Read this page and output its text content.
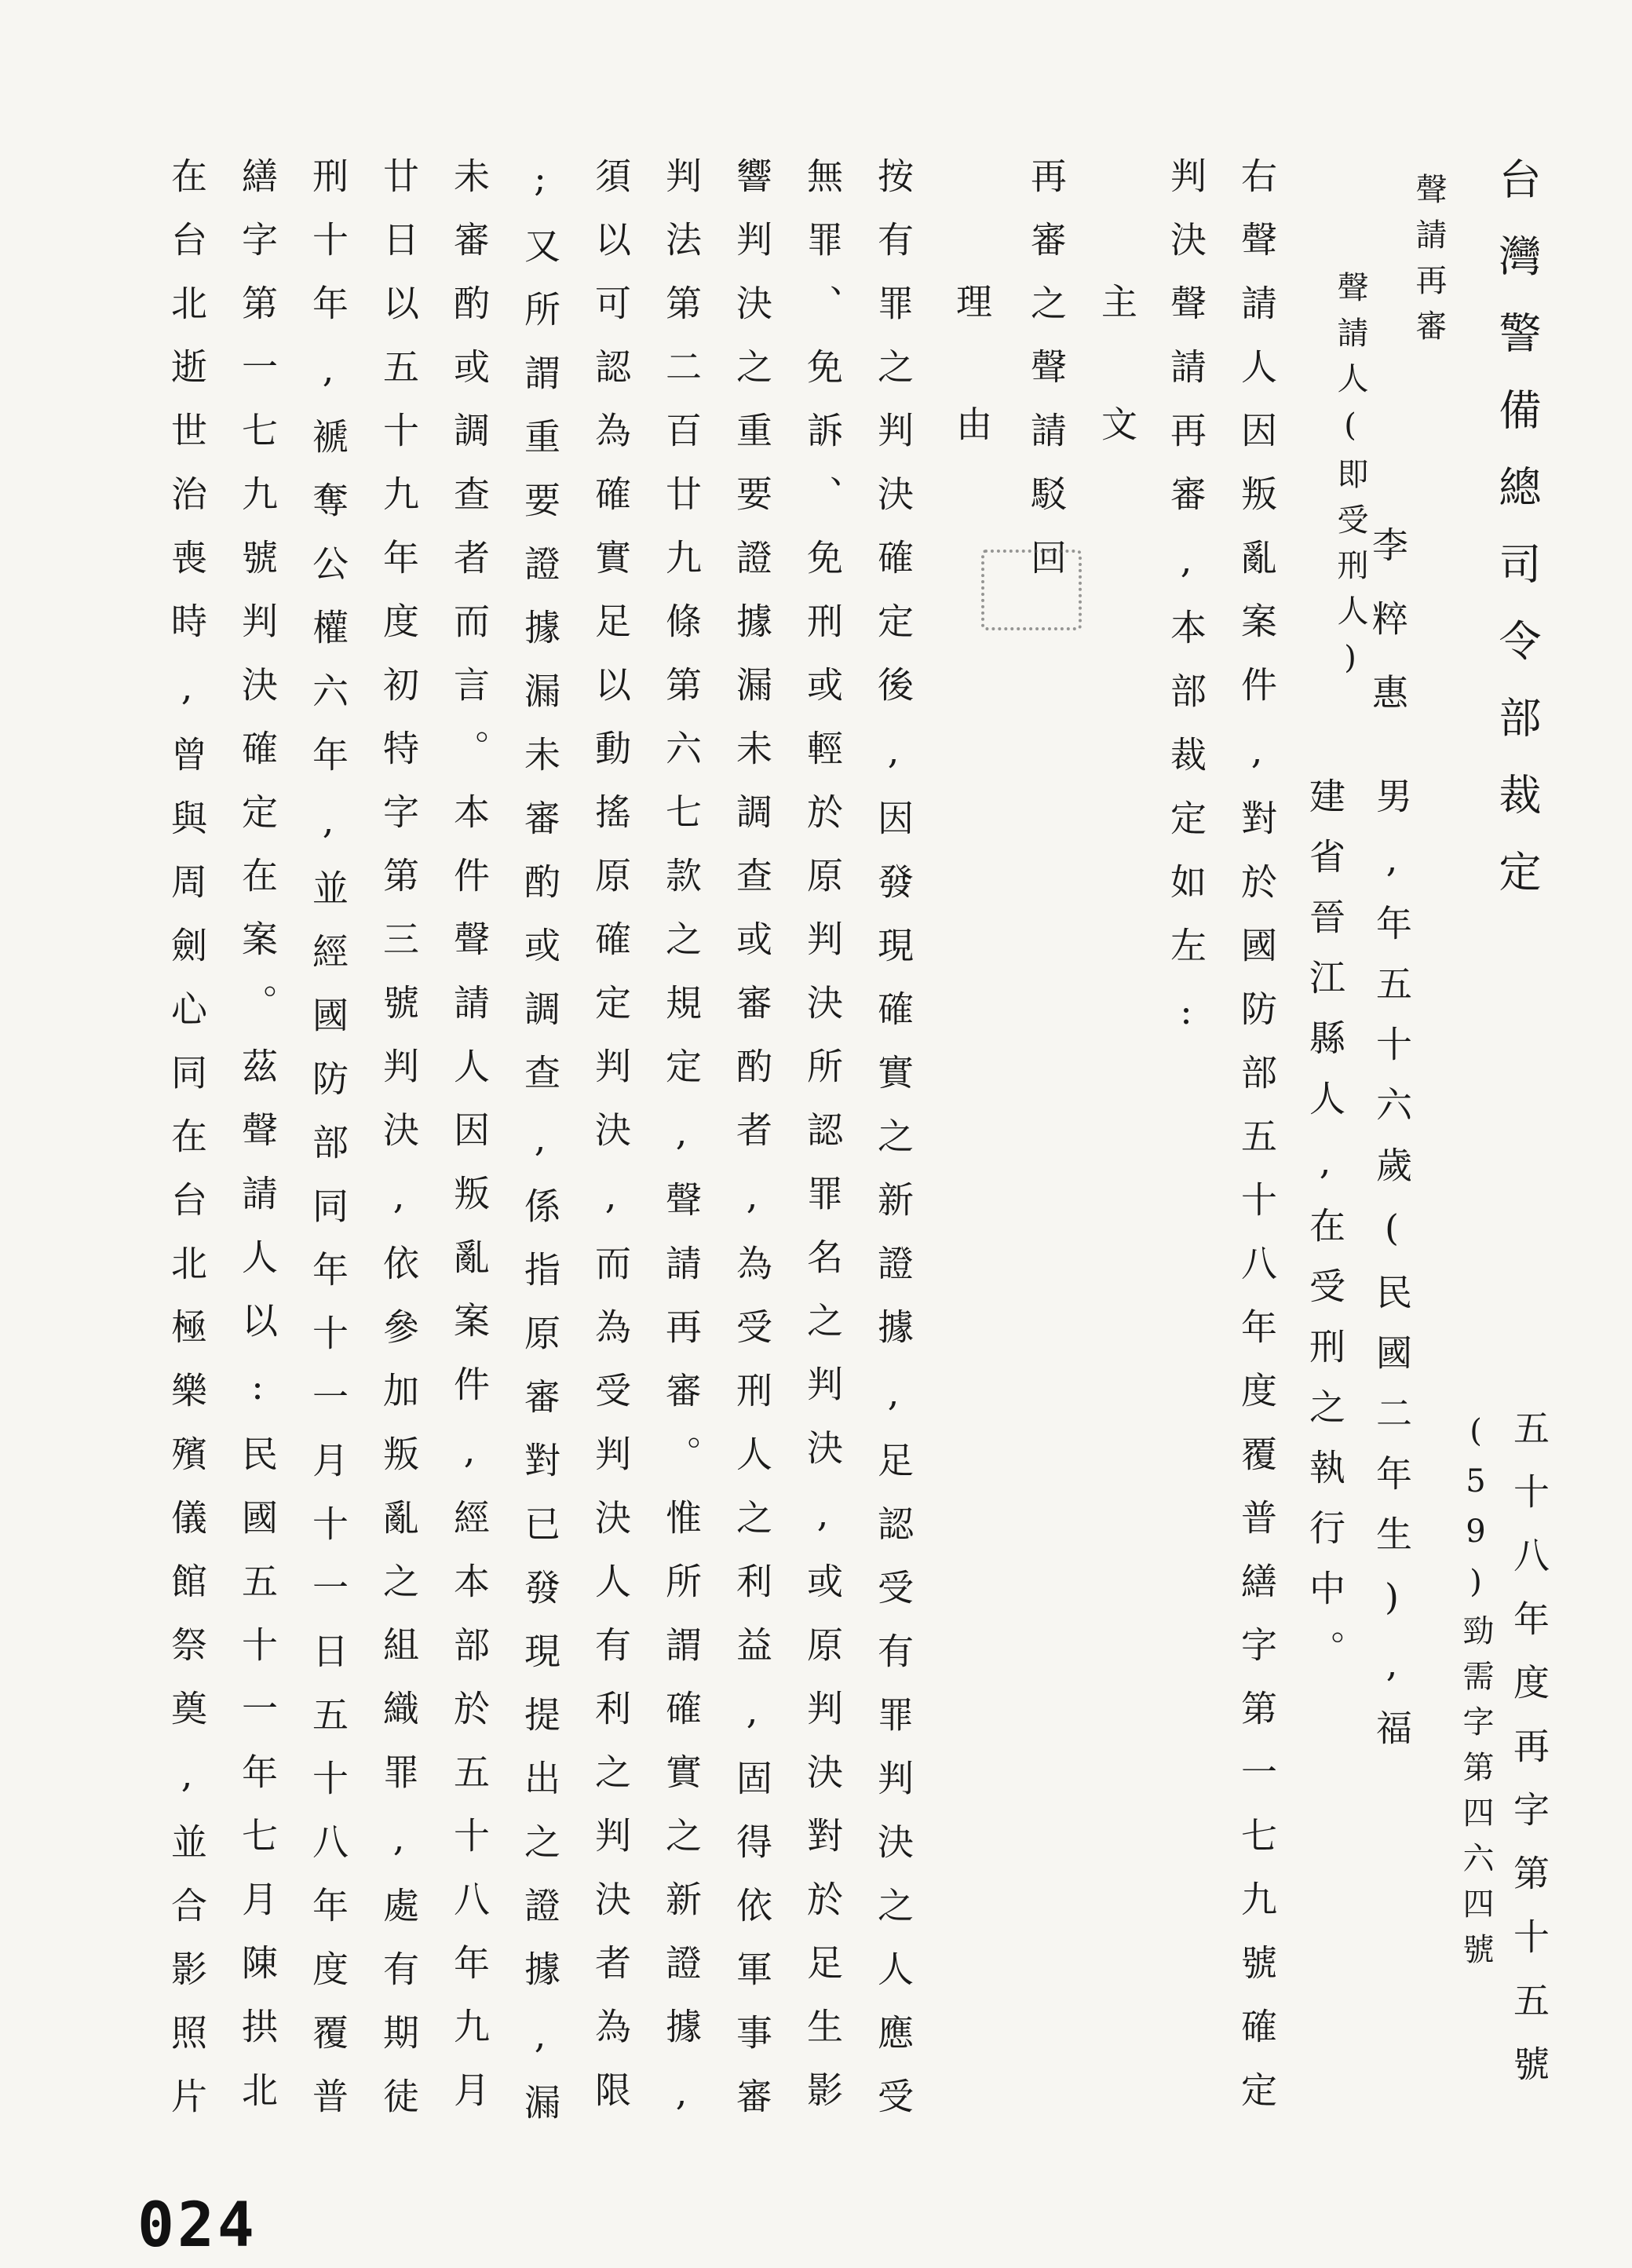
台灣警備總司令部裁定
五十八年度再字第十五號
(59)勁需字第四六四號
聲請再審
聲請人(即受刑人)
李粹惠
男,年五十六歲(民國二年生),福
建省晉江縣人,在受刑之執行中。
右聲請人因叛亂案件,對於國防部五十八年度覆普繕字第一七九號確定
判決聲請再審,本部裁定如左:
主文
再審之聲請駁回
理由
按有罪之判決確定後,因發現確實之新證據,足認受有罪判決之人應受
無罪、免訴、免刑或輕於原判決所認罪名之判決,或原判決對於足生影
響判決之重要證據漏未調查或審酌者,為受刑人之利益,固得依軍事審
判法第二百廿九條第六七款之規定,聲請再審。惟所謂確實之新證據,
須以可認為確實足以動搖原確定判決,而為受判決人有利之判決者為限
;又所謂重要證據漏未審酌或調查,係指原審對已發現提出之證據,漏
未審酌或調查者而言。本件聲請人因叛亂案件,經本部於五十八年九月
廿日以五十九年度初特字第三號判決,依參加叛亂之組織罪,處有期徒
刑十年,褫奪公權六年,並經國防部同年十一月十一日五十八年度覆普
繕字第一七九號判決確定在案。茲聲請人以:民國五十一年七月陳拱北
在台北逝世治喪時,曾與周劍心同在台北極樂殯儀館祭奠,並合影照片
024
